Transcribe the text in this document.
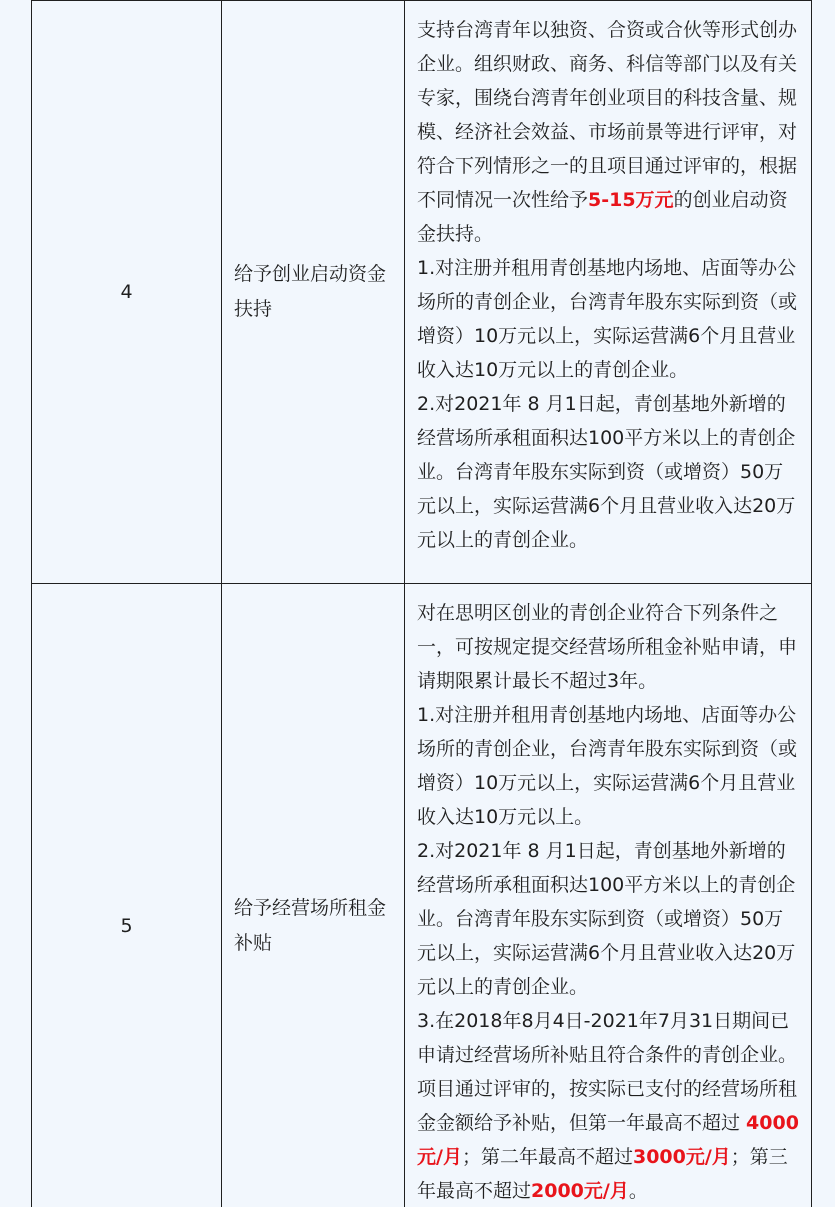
4	给予创业启动资金扶持	支持台湾青年以独资、合资或合伙等形式创办企业。组织财政、商务、科信等部门以及有关专家，围绕台湾青年创业项目的科技含量、规模、经济社会效益、市场前景等进行评审，对符合下列情形之一的且项目通过评审的，根据不同情况一次性给予5-15万元的创业启动资金扶持。

1.对注册并租用青创基地内场地、店面等办公场所的青创企业，台湾青年股东实际到资（或增资）10万元以上，实际运营满6个月且营业收入达10万元以上的青创企业。

2.对2021年 8 月1日起，青创基地外新增的经营场所承租面积达100平方米以上的青创企业。台湾青年股东实际到资（或增资）50万元以上，实际运营满6个月且营业收入达20万元以上的青创企业。

5	给予经营场所租金补贴	对在思明区创业的青创企业符合下列条件之一，可按规定提交经营场所租金补贴申请，申请期限累计最长不超过3年。

1.对注册并租用青创基地内场地、店面等办公场所的青创企业，台湾青年股东实际到资（或增资）10万元以上，实际运营满6个月且营业收入达10万元以上。

2.对2021年 8 月1日起，青创基地外新增的经营场所承租面积达100平方米以上的青创企业。台湾青年股东实际到资（或增资）50万元以上，实际运营满6个月且营业收入达20万元以上的青创企业。

3.在2018年8月4日-2021年7月31日期间已申请过经营场所补贴且符合条件的青创企业。

项目通过评审的，按实际已支付的经营场所租金金额给予补贴，但第一年最高不超过 4000元/月；第二年最高不超过3000元/月；第三年最高不超过2000元/月。
